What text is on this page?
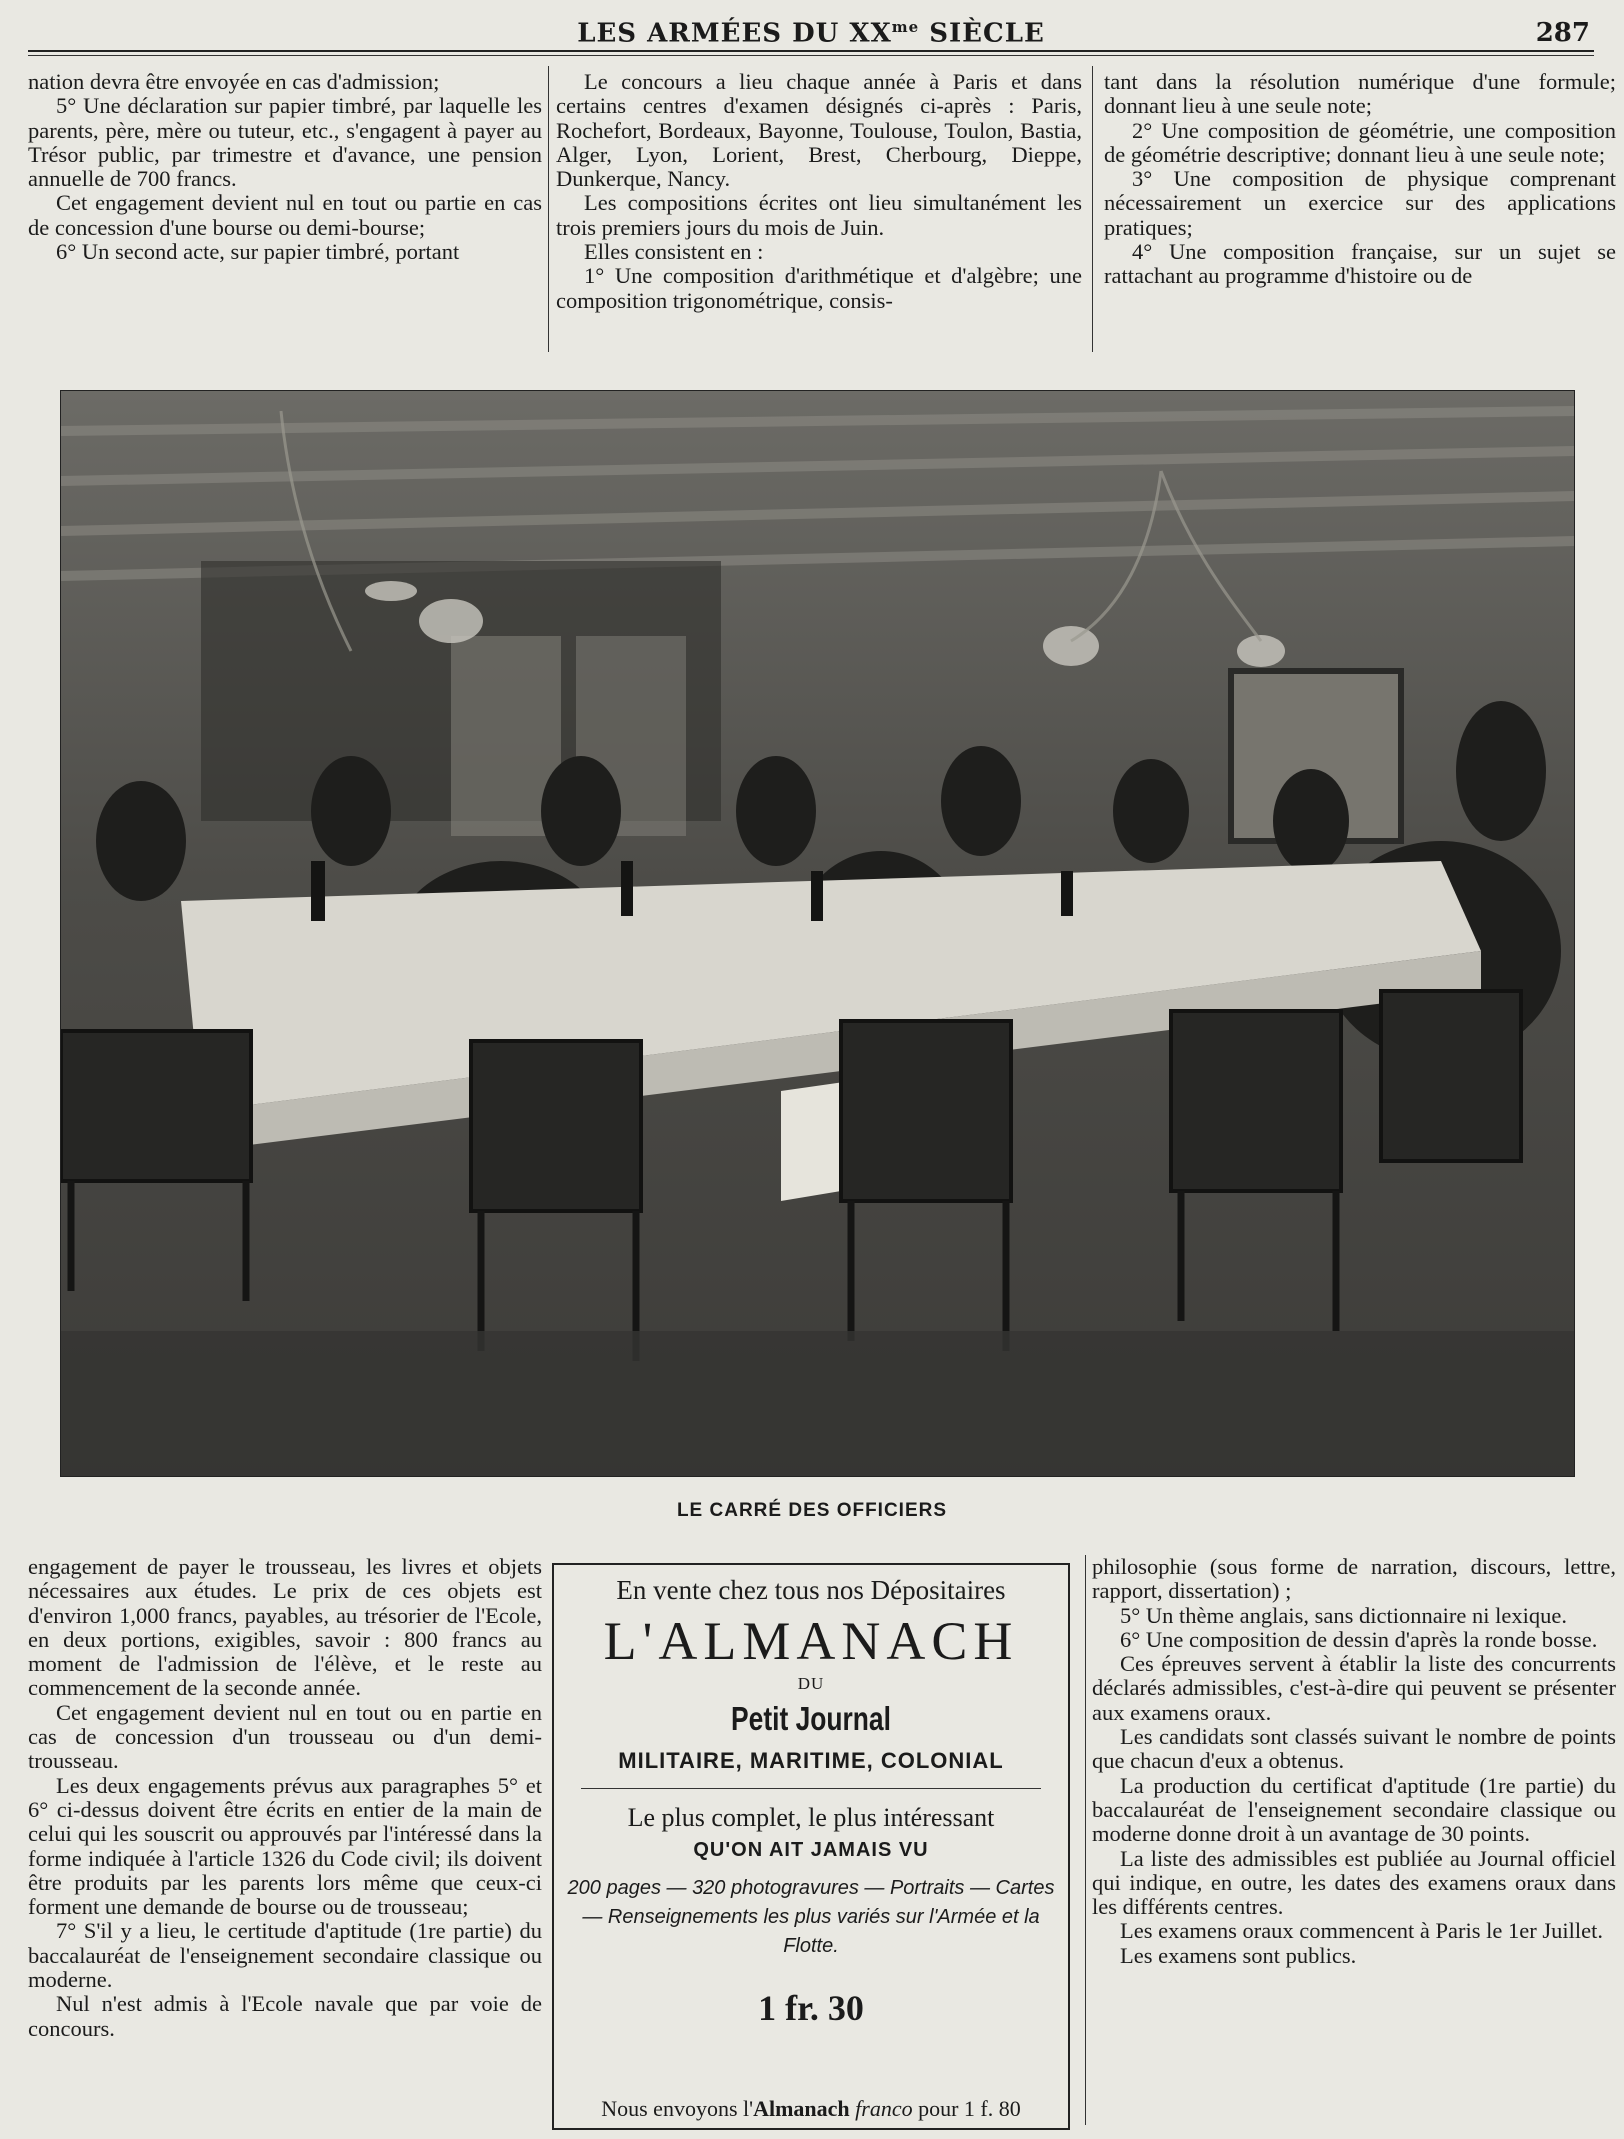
LES ARMÉES DU $XX^{me}$ SIÈCLE	287

nation devra être envoyée en cas d'admission;

5° Une déclaration sur papier timbré, par laquelle les parents, père, mère ou tuteur, etc., s'engagent à payer au Trésor public, par trimestre et d'avance, une pension annuelle de 700 francs.

Cet engagement devient nul en tout ou partie en cas de concession d'une bourse ou demi-bourse;

6° Un second acte, sur papier timbré, portant

Le concours a lieu chaque année à Paris et dans certains centres d'examen désignés ci-après : Paris, Rochefort, Bordeaux, Bayonne, Toulouse, Toulon, Bastia, Alger, Lyon, Lorient, Brest, Cherbourg, Dieppe, Dunkerque, Nancy.

Les compositions écrites ont lieu simultanément les trois premiers jours du mois de Juin.

Elles consistent en :

1° Une composition d'arithmétique et d'algèbre; une composition trigonométrique, consis-

tant dans la résolution numérique d'une formule; donnant lieu à une seule note;

2° Une composition de géométrie, une composition de géométrie descriptive; donnant lieu à une seule note;

3° Une composition de physique comprenant nécessairement un exercice sur des applications pratiques;

4° Une composition française, sur un sujet se rattachant au programme d'histoire ou de

LE CARRÉ DES OFFICIERS

engagement de payer le trousseau, les livres et objets nécessaires aux études. Le prix de ces objets est d'environ 1,000 francs, payables, au trésorier de l'Ecole, en deux portions, exigibles, savoir : 800 francs au moment de l'admission de l'élève, et le reste au commencement de la seconde année.

Cet engagement devient nul en tout ou en partie en cas de concession d'un trousseau ou d'un demi-trousseau.

Les deux engagements prévus aux paragraphes 5° et 6° ci-dessus doivent être écrits en entier de la main de celui qui les souscrit ou approuvés par l'intéressé dans la forme indiquée à l'article 1326 du Code civil; ils doivent être produits par les parents lors même que ceux-ci forment une demande de bourse ou de trousseau;

7° S'il y a lieu, le certitude d'aptitude (1re partie) du baccalauréat de l'enseignement secondaire classique ou moderne.

Nul n'est admis à l'Ecole navale que par voie de concours.

En vente chez tous nos Dépositaires
L'ALMANACH
DU
Petit Journal
MILITAIRE, MARITIME, COLONIAL
Le plus complet, le plus intéressant
QU'ON AIT JAMAIS VU
200 pages — 320 photogravures — Portraits — Cartes — Renseignements les plus variés sur l'Armée et la Flotte.
1 fr. 30
Nous envoyons l'Almanach franco pour 1 f. 80

philosophie (sous forme de narration, discours, lettre, rapport, dissertation) ;

5° Un thème anglais, sans dictionnaire ni lexique.

6° Une composition de dessin d'après la ronde bosse.

Ces épreuves servent à établir la liste des concurrents déclarés admissibles, c'est-à-dire qui peuvent se présenter aux examens oraux.

Les candidats sont classés suivant le nombre de points que chacun d'eux a obtenus.

La production du certificat d'aptitude (1re partie) du baccalauréat de l'enseignement secondaire classique ou moderne donne droit à un avantage de 30 points.

La liste des admissibles est publiée au Journal officiel qui indique, en outre, les dates des examens oraux dans les différents centres.

Les examens oraux commencent à Paris le 1er Juillet.

Les examens sont publics.
